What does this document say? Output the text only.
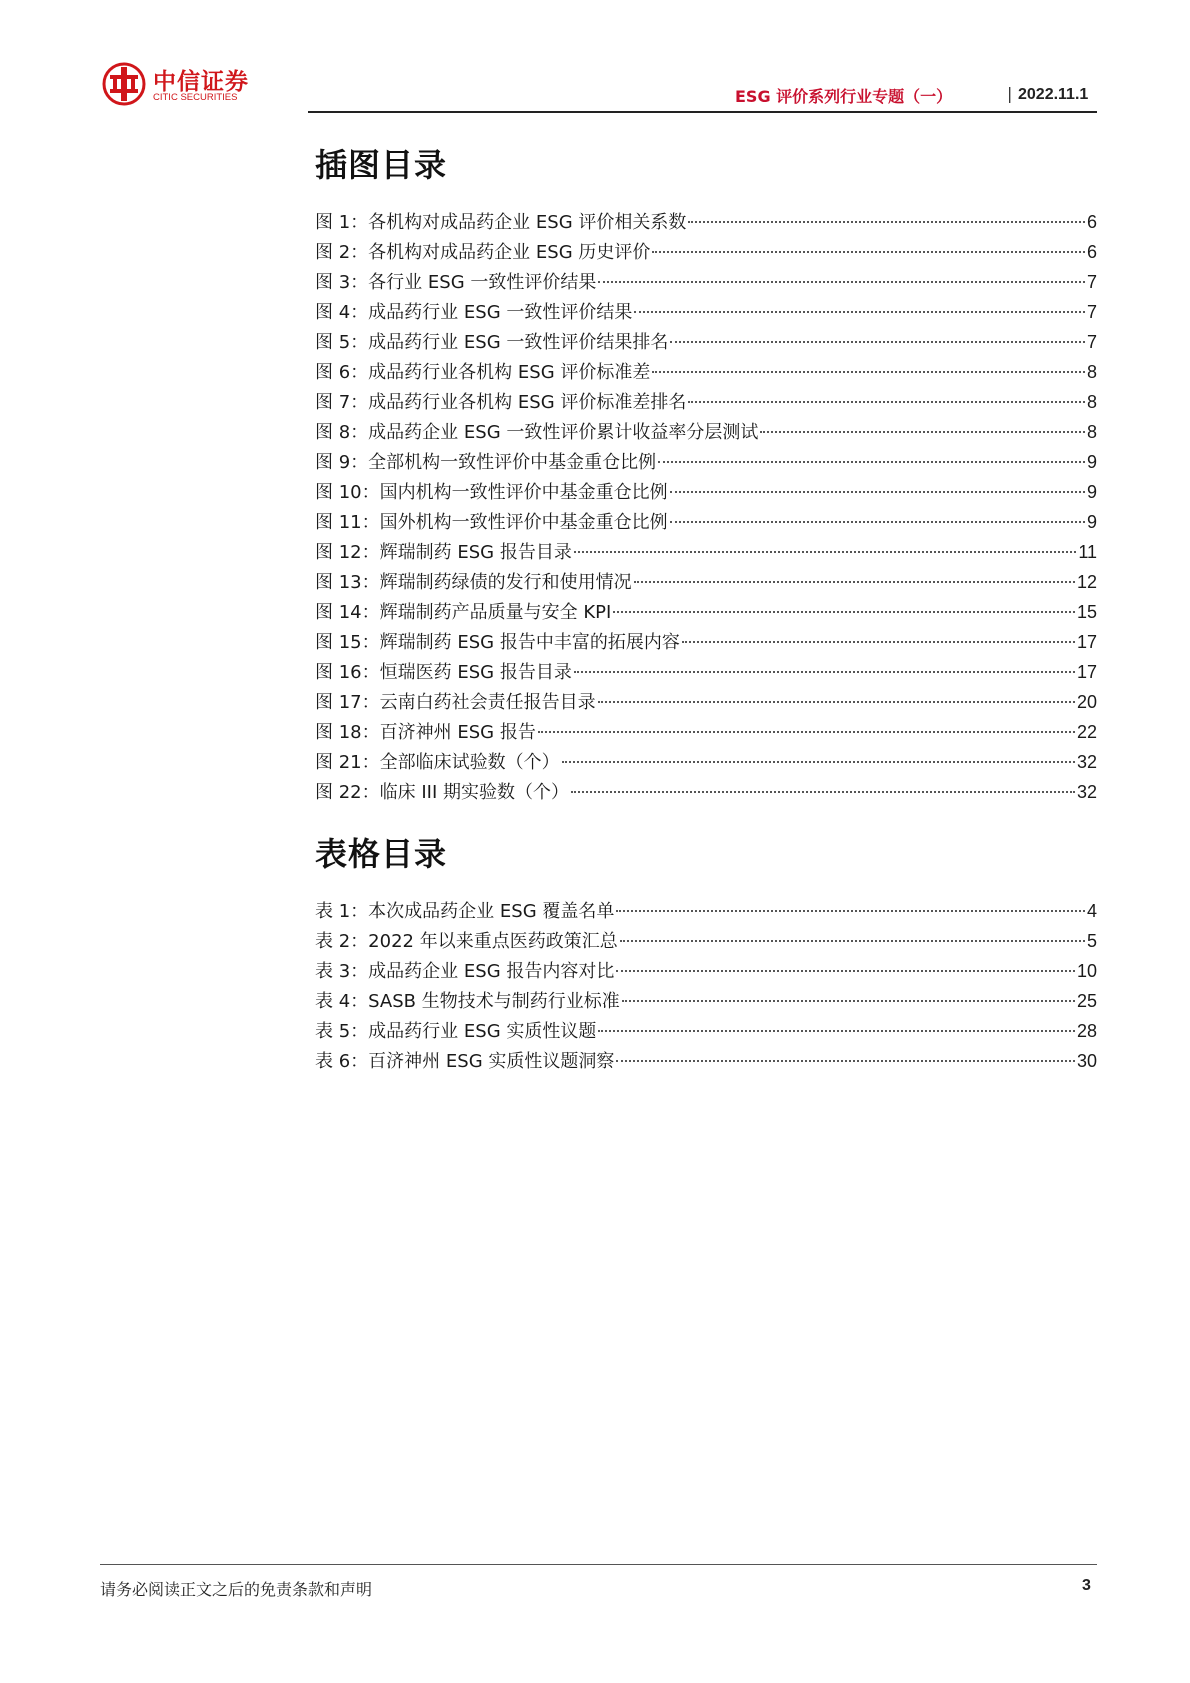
中信证券
CITIC SECURITIES	2022.11.1
|
ESG 评价系列行业专题（一）
插图目录
图 1：各机构对成品药企业 ESG 评价相关系数	6
图 2：各机构对成品药企业 ESG 历史评价	6
图 3：各行业 ESG 一致性评价结果	7
图 4：成品药行业 ESG 一致性评价结果	7
图 5：成品药行业 ESG 一致性评价结果排名	7
图 6：成品药行业各机构 ESG 评价标准差	8
图 7：成品药行业各机构 ESG 评价标准差排名	8
图 8：成品药企业 ESG 一致性评价累计收益率分层测试	8
图 9：全部机构一致性评价中基金重仓比例	9
图 10：国内机构一致性评价中基金重仓比例	9
图 11：国外机构一致性评价中基金重仓比例	9
图 12：辉瑞制药 ESG 报告目录	11
图 13：辉瑞制药绿债的发行和使用情况	12
图 14：辉瑞制药产品质量与安全 KPI	15
图 15：辉瑞制药 ESG 报告中丰富的拓展内容	17
图 16：恒瑞医药 ESG 报告目录	17
图 17：云南白药社会责任报告目录	20
图 18：百济神州 ESG 报告	22
图 21：全部临床试验数（个）	32
图 22：临床 III 期实验数（个）	32
表格目录
表 1：本次成品药企业 ESG 覆盖名单	4
表 2：2022 年以来重点医药政策汇总	5
表 3：成品药企业 ESG 报告内容对比	10
表 4：SASB 生物技术与制药行业标准	25
表 5：成品药行业 ESG 实质性议题	28
表 6：百济神州 ESG 实质性议题洞察	30
请务必阅读正文之后的免责条款和声明	3
